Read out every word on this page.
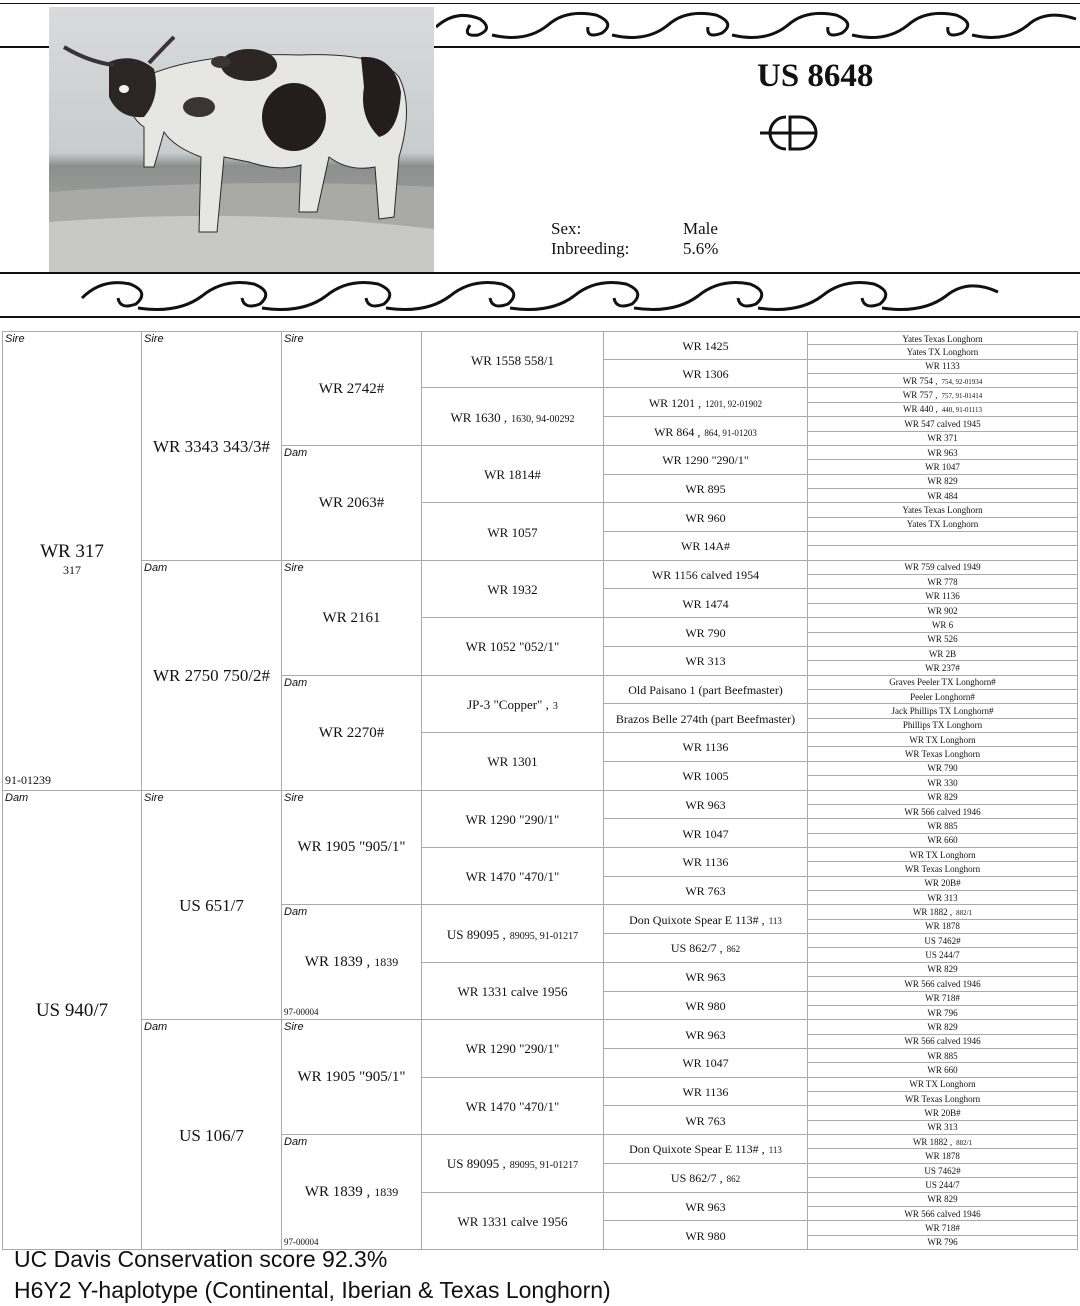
US 8648
Sex:	Male
Inbreeding:	5.6%
Sire
WR 317
317
91-01239
Dam
US 940/7
Sire
WR 3343 343/3#
Dam
WR 2750 750/2#
Sire
US 651/7
Dam
US 106/7
Sire
WR 2742#
Dam
WR 2063#
Sire
WR 2161
Dam
WR 2270#
Sire
WR 1905 "905/1"
Dam
WR 1839 , 1839
97-00004
Sire
WR 1905 "905/1"
Dam
WR 1839 , 1839
97-00004
WR 1558 558/1
WR 1630 , 1630, 94-00292
WR 1814#
WR 1057
WR 1932
WR 1052 "052/1"
JP-3 "Copper" , 3
WR 1301
WR 1290 "290/1"
WR 1470 "470/1"
US 89095 , 89095, 91-01217
WR 1331 calve 1956
WR 1290 "290/1"
WR 1470 "470/1"
US 89095 , 89095, 91-01217
WR 1331 calve 1956
WR 1425
WR 1306
WR 1201 , 1201, 92-01902
WR 864 , 864, 91-01203
WR 1290 "290/1"
WR 895
WR 960
WR 14A#
WR 1156 calved 1954
WR 1474
WR 790
WR 313
Old Paisano 1 (part Beefmaster)
Brazos Belle 274th (part Beefmaster)
WR 1136
WR 1005
WR 963
WR 1047
WR 1136
WR 763
Don Quixote Spear E 113# , 113
US 862/7 , 862
WR 963
WR 980
WR 963
WR 1047
WR 1136
WR 763
Don Quixote Spear E 113# , 113
US 862/7 , 862
WR 963
WR 980
Yates Texas Longhorn
Yates TX Longhorn
WR 1133
WR 754 , 754, 92-01934
WR 757 , 757, 91-01414
WR 440 , 440, 91-01113
WR 547 calved 1945
WR 371
WR 963
WR 1047
WR 829
WR 484
Yates Texas Longhorn
Yates TX Longhorn
WR 759 calved 1949
WR 778
WR 1136
WR 902
WR 6
WR 526
WR 2B
WR 237#
Graves Peeler TX Longhorn#
Peeler Longhorn#
Jack Phillips TX Longhorn#
Phillips TX Longhorn
WR TX Longhorn
WR Texas Longhorn
WR 790
WR 330
WR 829
WR 566 calved 1946
WR 885
WR 660
WR TX Longhorn
WR Texas Longhorn
WR 20B#
WR 313
WR 1882 , 882/1
WR 1878
US 7462#
US 244/7
WR 829
WR 566 calved 1946
WR 718#
WR 796
WR 829
WR 566 calved 1946
WR 885
WR 660
WR TX Longhorn
WR Texas Longhorn
WR 20B#
WR 313
WR 1882 , 882/1
WR 1878
US 7462#
US 244/7
WR 829
WR 566 calved 1946
WR 718#
WR 796
UC Davis Conservation score 92.3%
H6Y2 Y-haplotype (Continental, Iberian & Texas Longhorn)
